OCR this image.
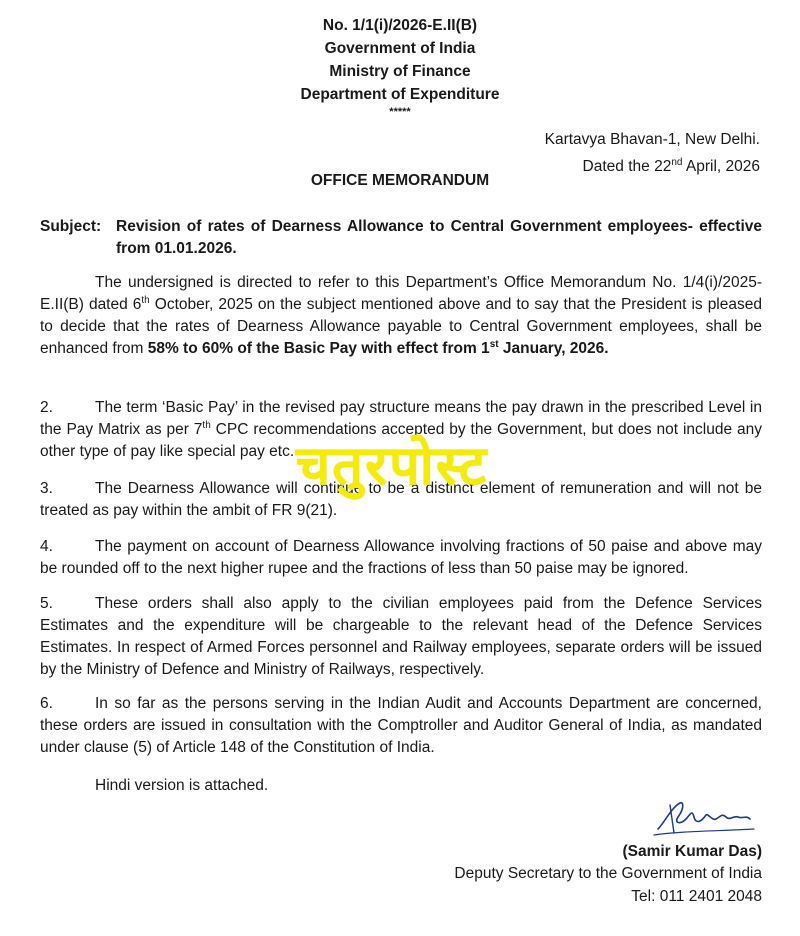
No. 1/1(i)/2026-E.II(B)
Government of India
Ministry of Finance
Department of Expenditure
*****
Kartavya Bhavan-1, New Delhi.
Dated the 22nd April, 2026
OFFICE MEMORANDUM
Subject: Revision of rates of Dearness Allowance to Central Government employees- effective from 01.01.2026.
The undersigned is directed to refer to this Department’s Office Memorandum No. 1/4(i)/2025-E.II(B) dated 6th October, 2025 on the subject mentioned above and to say that the President is pleased to decide that the rates of Dearness Allowance payable to Central Government employees, shall be enhanced from 58% to 60% of the Basic Pay with effect from 1st January, 2026.
2.	The term ‘Basic Pay’ in the revised pay structure means the pay drawn in the prescribed Level in the Pay Matrix as per 7th CPC recommendations accepted by the Government, but does not include any other type of pay like special pay etc.
3.	The Dearness Allowance will continue to be a distinct element of remuneration and will not be treated as pay within the ambit of FR 9(21).
4.	The payment on account of Dearness Allowance involving fractions of 50 paise and above may be rounded off to the next higher rupee and the fractions of less than 50 paise may be ignored.
5.	These orders shall also apply to the civilian employees paid from the Defence Services Estimates and the expenditure will be chargeable to the relevant head of the Defence Services Estimates. In respect of Armed Forces personnel and Railway employees, separate orders will be issued by the Ministry of Defence and Ministry of Railways, respectively.
6.	In so far as the persons serving in the Indian Audit and Accounts Department are concerned, these orders are issued in consultation with the Comptroller and Auditor General of India, as mandated under clause (5) of Article 148 of the Constitution of India.
Hindi version is attached.
(Samir Kumar Das)
Deputy Secretary to the Government of India
Tel: 011 2401 2048
चतुरपोस्ट
